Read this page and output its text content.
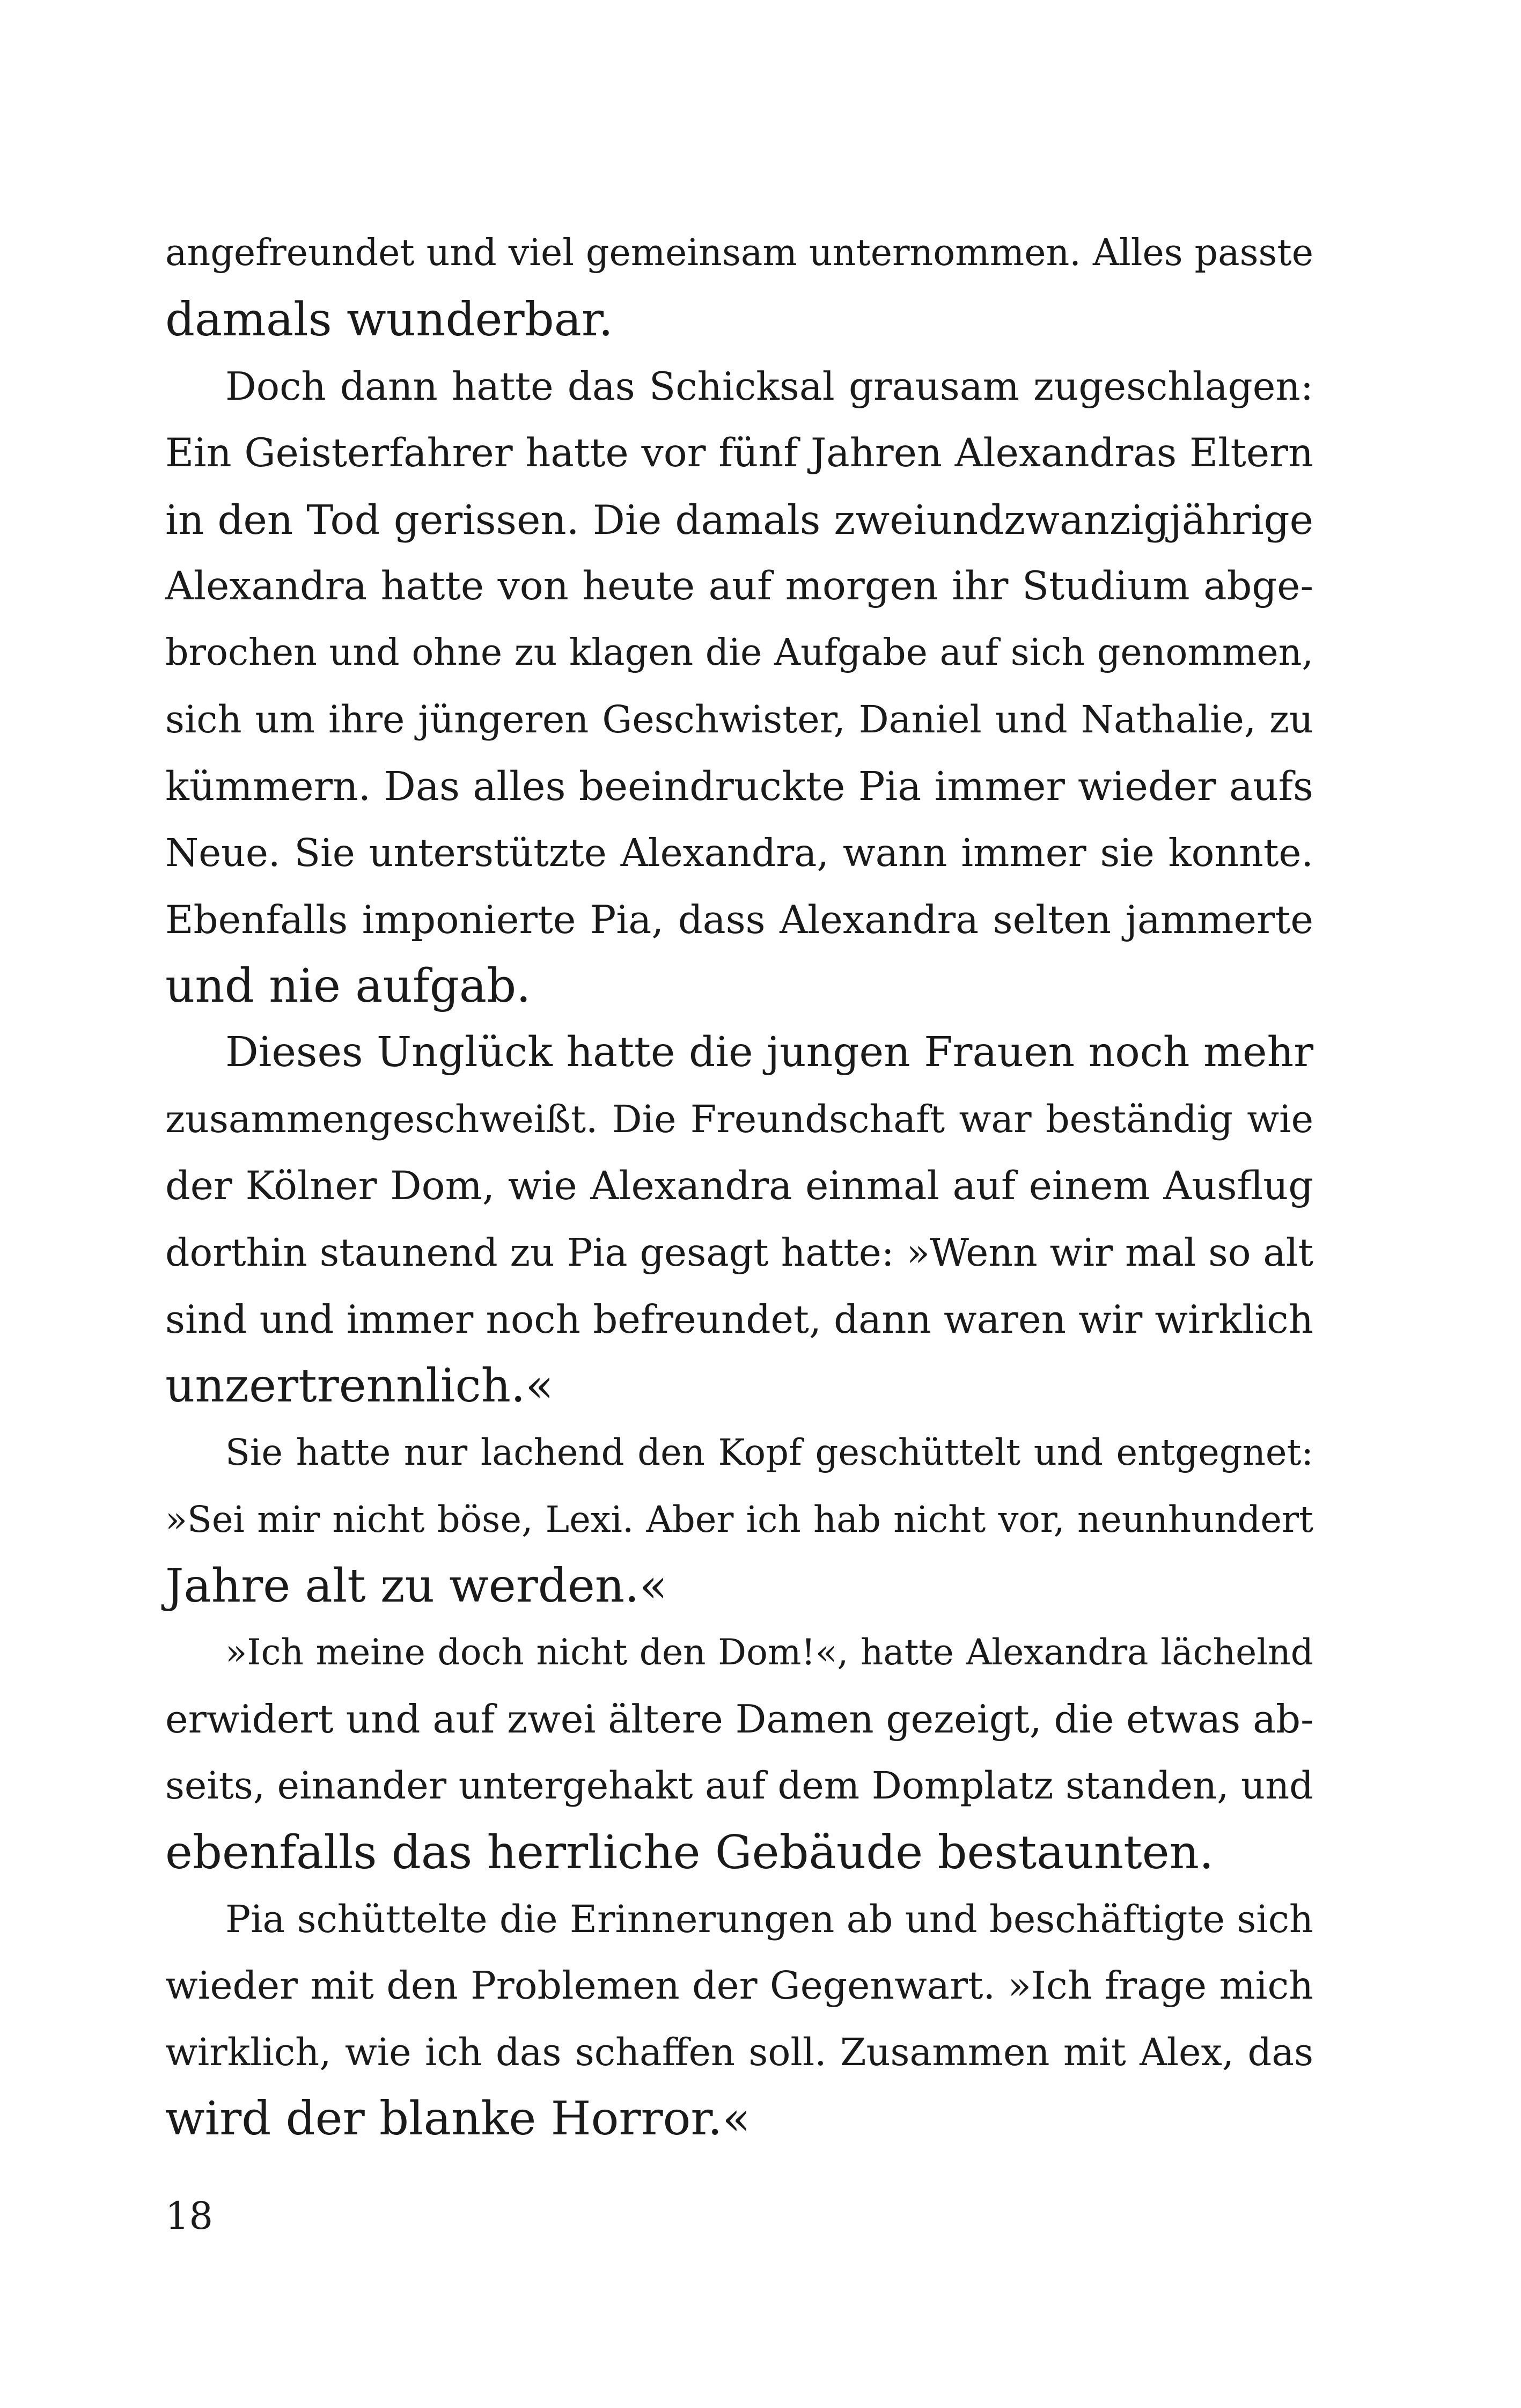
angefreundet und viel gemeinsam unternommen. Alles passte
damals wunderbar.
Doch dann hatte das Schicksal grausam zugeschlagen:
Ein Geisterfahrer hatte vor fünf Jahren Alexandras Eltern
in den Tod gerissen. Die damals zweiundzwanzigjährige
Alexandra hatte von heute auf morgen ihr Studium abge-
brochen und ohne zu klagen die Aufgabe auf sich genommen,
sich um ihre jüngeren Geschwister, Daniel und Nathalie, zu
kümmern. Das alles beeindruckte Pia immer wieder aufs
Neue. Sie unterstützte Alexandra, wann immer sie konnte.
Ebenfalls imponierte Pia, dass Alexandra selten jammerte
und nie aufgab.
Dieses Unglück hatte die jungen Frauen noch mehr
zusammengeschweißt. Die Freundschaft war beständig wie
der Kölner Dom, wie Alexandra einmal auf einem Ausflug
dorthin staunend zu Pia gesagt hatte: »Wenn wir mal so alt
sind und immer noch befreundet, dann waren wir wirklich
unzertrennlich.«
Sie hatte nur lachend den Kopf geschüttelt und entgegnet:
»Sei mir nicht böse, Lexi. Aber ich hab nicht vor, neunhundert
Jahre alt zu werden.«
»Ich meine doch nicht den Dom!«, hatte Alexandra lächelnd
erwidert und auf zwei ältere Damen gezeigt, die etwas ab-
seits, einander untergehakt auf dem Domplatz standen, und
ebenfalls das herrliche Gebäude bestaunten.
Pia schüttelte die Erinnerungen ab und beschäftigte sich
wieder mit den Problemen der Gegenwart. »Ich frage mich
wirklich, wie ich das schaffen soll. Zusammen mit Alex, das
wird der blanke Horror.«
18
